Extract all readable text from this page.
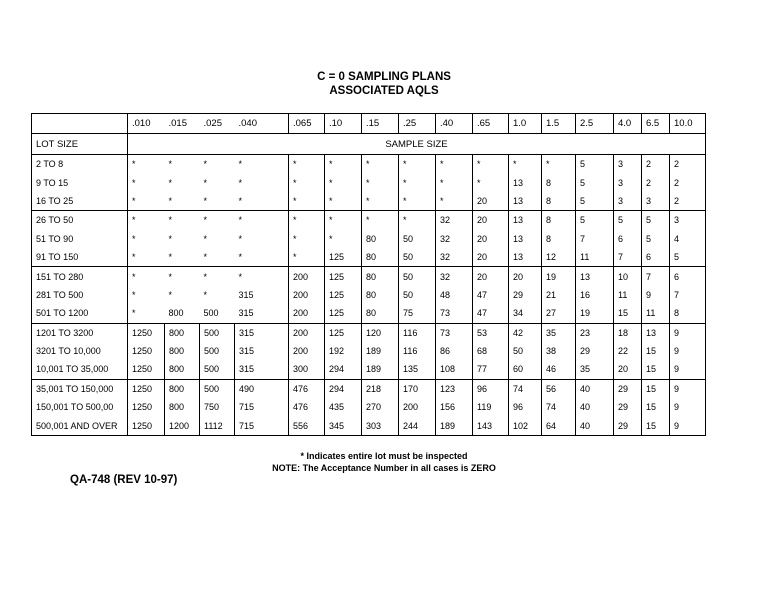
C = 0 SAMPLING PLANS
ASSOCIATED AQLS
	.010	.015	.025	.040	.065	.10	.15	.25	.40	.65	1.0	1.5	2.5	4.0	6.5	10.0
LOT SIZE	SAMPLE SIZE															
2 TO 8	*	*	*	*	*	*	*	*	*	*	*	*	5	3	2	2
9 TO 15	*	*	*	*	*	*	*	*	*	*	13	8	5	3	2	2
16 TO 25	*	*	*	*	*	*	*	*	*	20	13	8	5	3	3	2
26 TO 50	*	*	*	*	*	*	*	*	32	20	13	8	5	5	5	3
51 TO 90	*	*	*	*	*	*	80	50	32	20	13	8	7	6	5	4
91 TO 150	*	*	*	*	*	125	80	50	32	20	13	12	11	7	6	5
151 TO 280	*	*	*	*	200	125	80	50	32	20	20	19	13	10	7	6
281 TO 500	*	*	*	315	200	125	80	50	48	47	29	21	16	11	9	7
501 TO 1200	*	800	500	315	200	125	80	75	73	47	34	27	19	15	11	8
1201 TO 3200	1250	800	500	315	200	125	120	116	73	53	42	35	23	18	13	9
3201 TO 10,000	1250	800	500	315	200	192	189	116	86	68	50	38	29	22	15	9
10,001 TO 35,000	1250	800	500	315	300	294	189	135	108	77	60	46	35	20	15	9
35,001 TO 150,000	1250	800	500	490	476	294	218	170	123	96	74	56	40	29	15	9
150,001 TO 500,00	1250	800	750	715	476	435	270	200	156	119	96	74	40	29	15	9
500,001 AND OVER	1250	1200	1112	715	556	345	303	244	189	143	102	64	40	29	15	9
* Indicates entire lot must be inspected
NOTE: The Acceptance Number in all cases is ZERO
QA-748 (REV 10-97)
